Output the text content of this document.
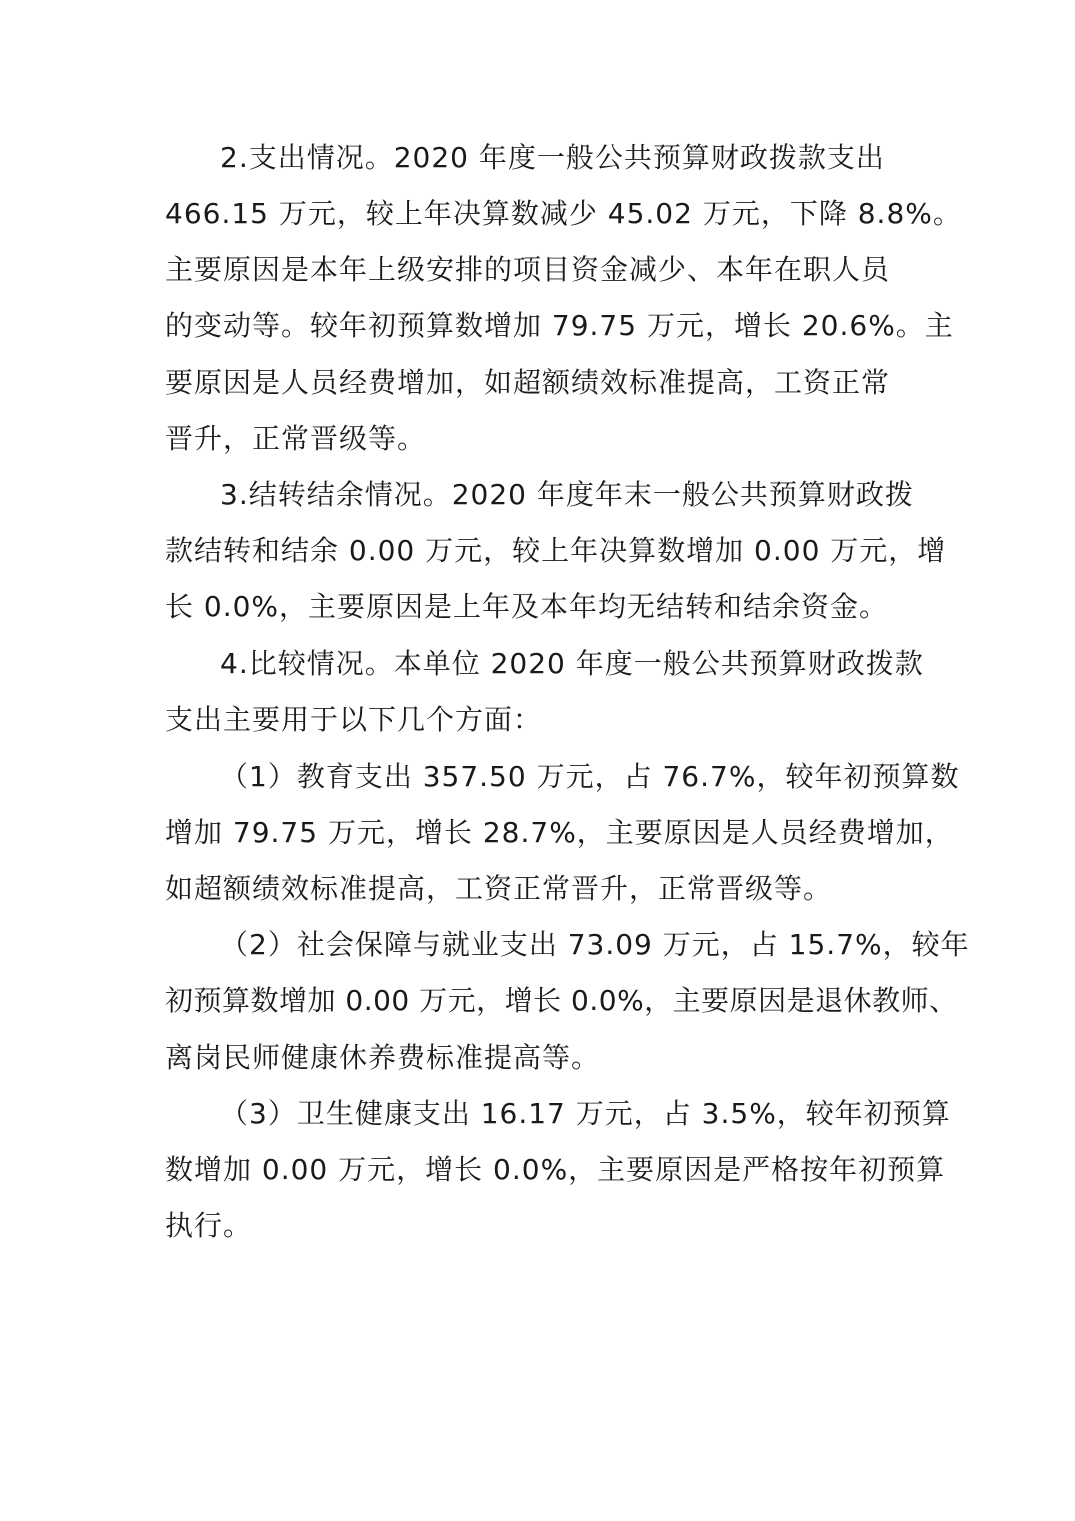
2.支出情况。2020 年度一般公共预算财政拨款支出
466.15 万元，较上年决算数减少 45.02 万元，下降 8.8%。
主要原因是本年上级安排的项目资金减少、本年在职人员
的变动等。较年初预算数增加 79.75 万元，增长 20.6%。主
要原因是人员经费增加，如超额绩效标准提高，工资正常
晋升，正常晋级等。
3.结转结余情况。2020 年度年末一般公共预算财政拨
款结转和结余 0.00 万元，较上年决算数增加 0.00 万元，增
长 0.0%，主要原因是上年及本年均无结转和结余资金。
4.比较情况。本单位 2020 年度一般公共预算财政拨款
支出主要用于以下几个方面：
（1）教育支出 357.50 万元，占 76.7%，较年初预算数
增加 79.75 万元，增长 28.7%，主要原因是人员经费增加，
如超额绩效标准提高，工资正常晋升，正常晋级等。
（2）社会保障与就业支出 73.09 万元，占 15.7%，较年
初预算数增加 0.00 万元，增长 0.0%，主要原因是退休教师、
离岗民师健康休养费标准提高等。
（3）卫生健康支出 16.17 万元，占 3.5%，较年初预算
数增加 0.00 万元，增长 0.0%，主要原因是严格按年初预算
执行。
